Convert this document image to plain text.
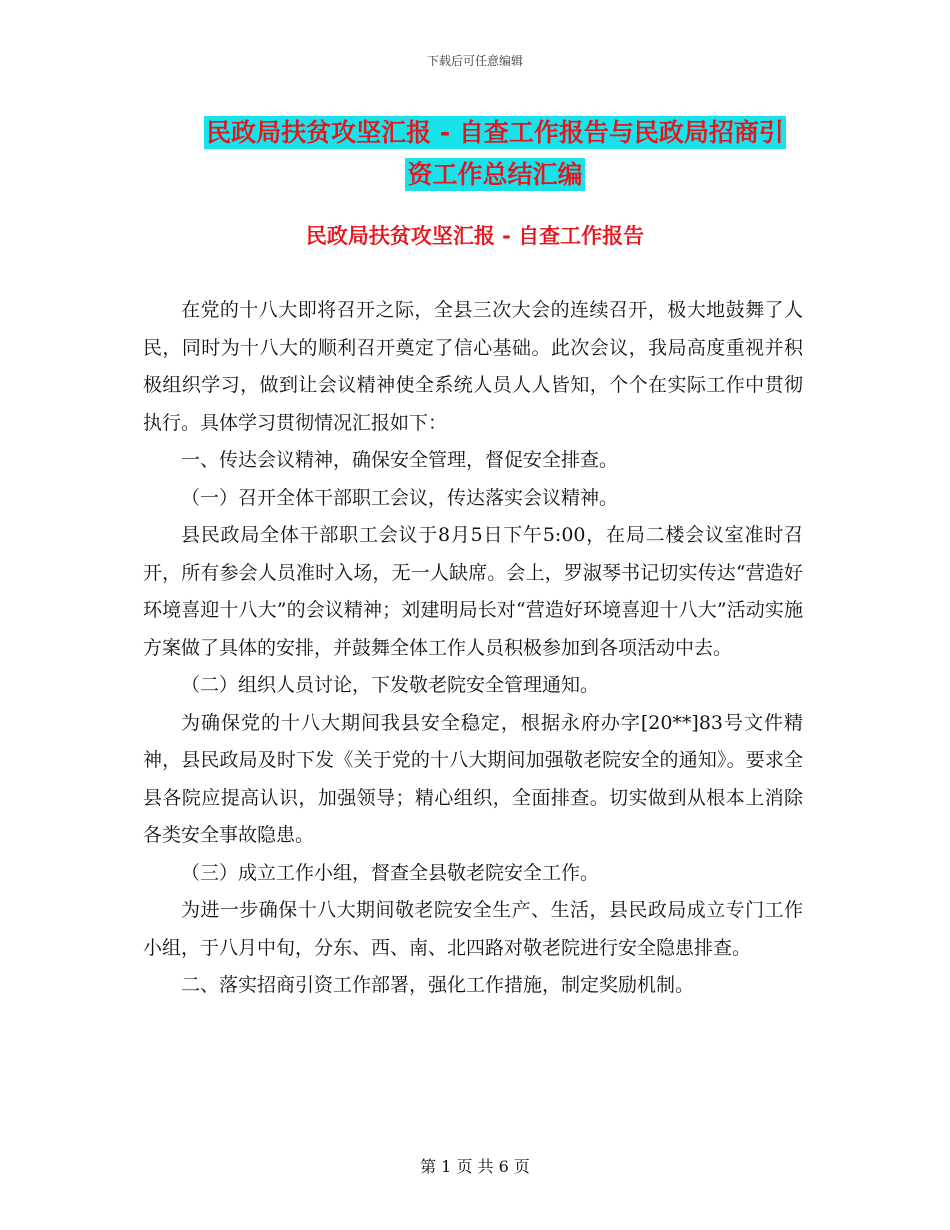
下载后可任意编辑
民政局扶贫攻坚汇报 - 自查工作报告与民政局招商引
资工作总结汇编
民政局扶贫攻坚汇报 - 自查工作报告

在党的十八大即将召开之际，全县三次大会的连续召开，极大地鼓舞了人民，同时为十八大的顺利召开奠定了信心基础。此次会议，我局高度重视并积极组织学习，做到让会议精神使全系统人员人人皆知，个个在实际工作中贯彻执行。具体学习贯彻情况汇报如下：

一、传达会议精神，确保安全管理，督促安全排查。

（一）召开全体干部职工会议，传达落实会议精神。

县民政局全体干部职工会议于8月5日下午5:00，在局二楼会议室准时召开，所有参会人员准时入场，无一人缺席。会上，罗淑琴书记切实传达“营造好环境喜迎十八大”的会议精神；刘建明局长对“营造好环境喜迎十八大”活动实施方案做了具体的安排，并鼓舞全体工作人员积极参加到各项活动中去。

（二）组织人员讨论，下发敬老院安全管理通知。

为确保党的十八大期间我县安全稳定，根据永府办字[20**]83号文件精神，县民政局及时下发《关于党的十八大期间加强敬老院安全的通知》。要求全县各院应提高认识，加强领导；精心组织，全面排查。切实做到从根本上消除各类安全事故隐患。

（三）成立工作小组，督查全县敬老院安全工作。

为进一步确保十八大期间敬老院安全生产、生活，县民政局成立专门工作小组，于八月中旬，分东、西、南、北四路对敬老院进行安全隐患排查。

二、落实招商引资工作部署，强化工作措施，制定奖励机制。

第 1 页 共 6 页
